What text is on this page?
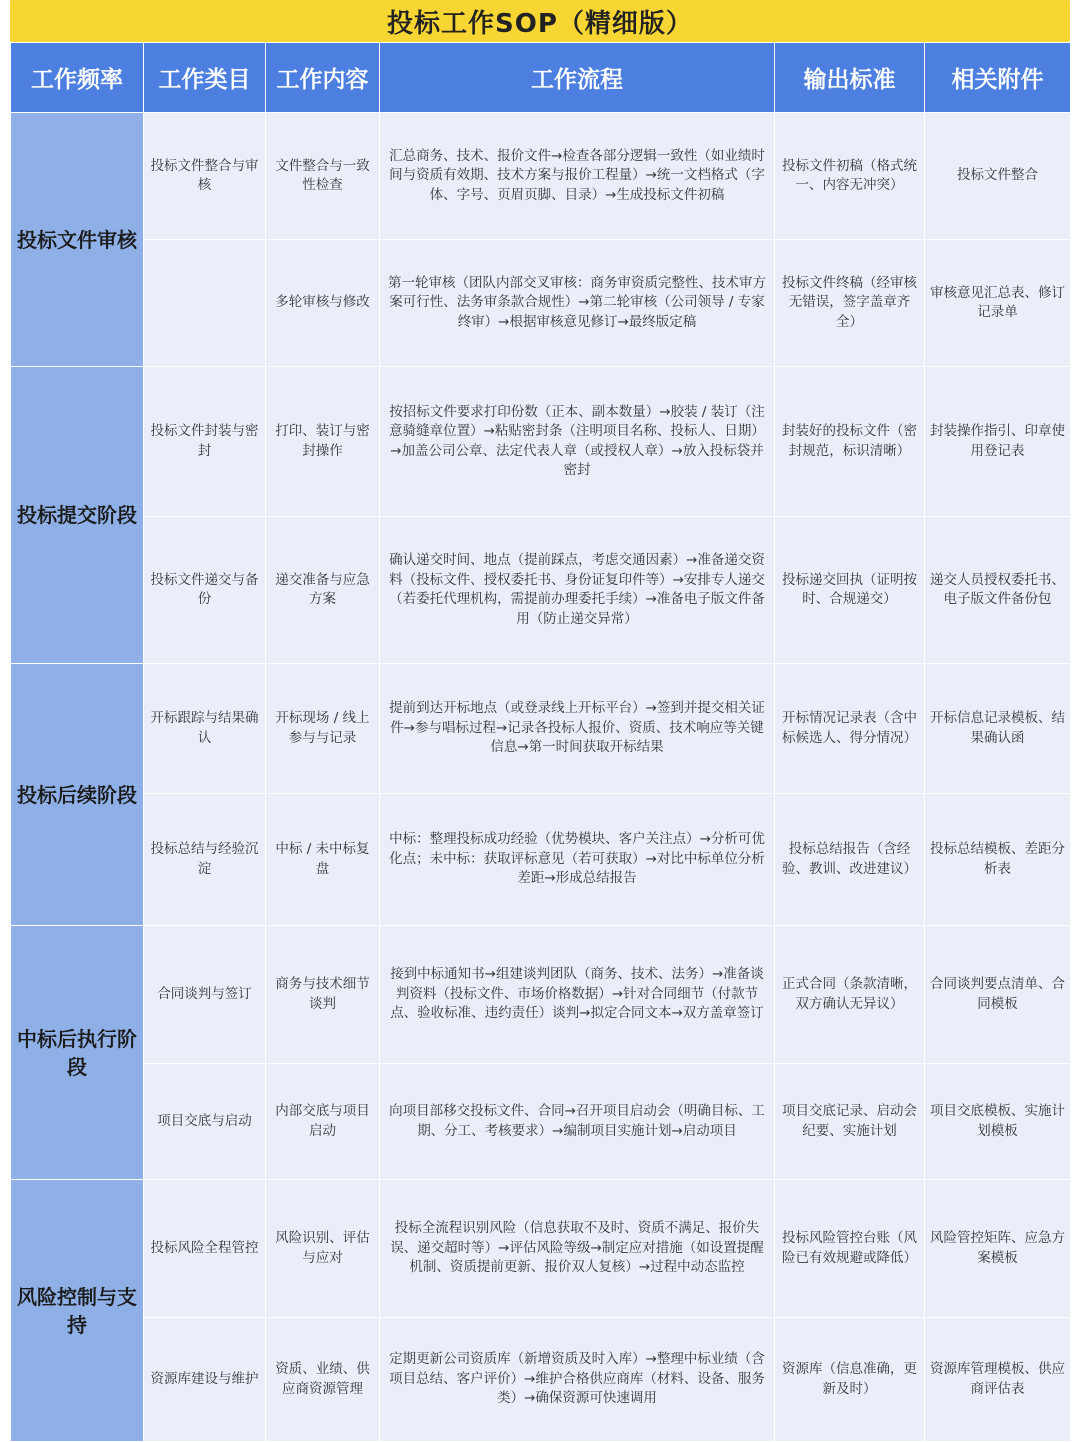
投标工作SOP（精细版）
工作频率	工作类目	工作内容	工作流程	输出标准	相关附件
投标文件审核	投标文件整合与审核	文件整合与一致性检查	汇总商务、技术、报价文件→检查各部分逻辑一致性（如业绩时间与资质有效期、技术方案与报价工程量）→统一文档格式（字体、字号、页眉页脚、目录）→生成投标文件初稿	投标文件初稿（格式统一、内容无冲突）	投标文件整合
		多轮审核与修改	第一轮审核（团队内部交叉审核：商务审资质完整性、技术审方案可行性、法务审条款合规性）→第二轮审核（公司领导 / 专家终审）→根据审核意见修订→最终版定稿	投标文件终稿（经审核无错误，签字盖章齐全）	审核意见汇总表、修订记录单
投标提交阶段	投标文件封装与密封	打印、装订与密封操作	按招标文件要求打印份数（正本、副本数量）→胶装 / 装订（注意骑缝章位置）→粘贴密封条（注明项目名称、投标人、日期）→加盖公司公章、法定代表人章（或授权人章）→放入投标袋并密封	封装好的投标文件（密封规范，标识清晰）	封装操作指引、印章使用登记表
	投标文件递交与备份	递交准备与应急方案	确认递交时间、地点（提前踩点，考虑交通因素）→准备递交资料（投标文件、授权委托书、身份证复印件等）→安排专人递交（若委托代理机构，需提前办理委托手续）→准备电子版文件备用（防止递交异常）	投标递交回执（证明按时、合规递交）	递交人员授权委托书、电子版文件备份包
投标后续阶段	开标跟踪与结果确认	开标现场 / 线上参与与记录	提前到达开标地点（或登录线上开标平台）→签到并提交相关证件→参与唱标过程→记录各投标人报价、资质、技术响应等关键信息→第一时间获取开标结果	开标情况记录表（含中标候选人、得分情况）	开标信息记录模板、结果确认函
	投标总结与经验沉淀	中标 / 未中标复盘	中标：整理投标成功经验（优势模块、客户关注点）→分析可优化点；未中标：获取评标意见（若可获取）→对比中标单位分析差距→形成总结报告	投标总结报告（含经验、教训、改进建议）	投标总结模板、差距分析表
中标后执行阶段	合同谈判与签订	商务与技术细节谈判	接到中标通知书→组建谈判团队（商务、技术、法务）→准备谈判资料（投标文件、市场价格数据）→针对合同细节（付款节点、验收标准、违约责任）谈判→拟定合同文本→双方盖章签订	正式合同（条款清晰，双方确认无异议）	合同谈判要点清单、合同模板
	项目交底与启动	内部交底与项目启动	向项目部移交投标文件、合同→召开项目启动会（明确目标、工期、分工、考核要求）→编制项目实施计划→启动项目	项目交底记录、启动会纪要、实施计划	项目交底模板、实施计划模板
风险控制与支持	投标风险全程管控	风险识别、评估与应对	投标全流程识别风险（信息获取不及时、资质不满足、报价失误、递交超时等）→评估风险等级→制定应对措施（如设置提醒机制、资质提前更新、报价双人复核）→过程中动态监控	投标风险管控台账（风险已有效规避或降低）	风险管控矩阵、应急方案模板
	资源库建设与维护	资质、业绩、供应商资源管理	定期更新公司资质库（新增资质及时入库）→整理中标业绩（含项目总结、客户评价）→维护合格供应商库（材料、设备、服务类）→确保资源可快速调用	资源库（信息准确，更新及时）	资源库管理模板、供应商评估表
